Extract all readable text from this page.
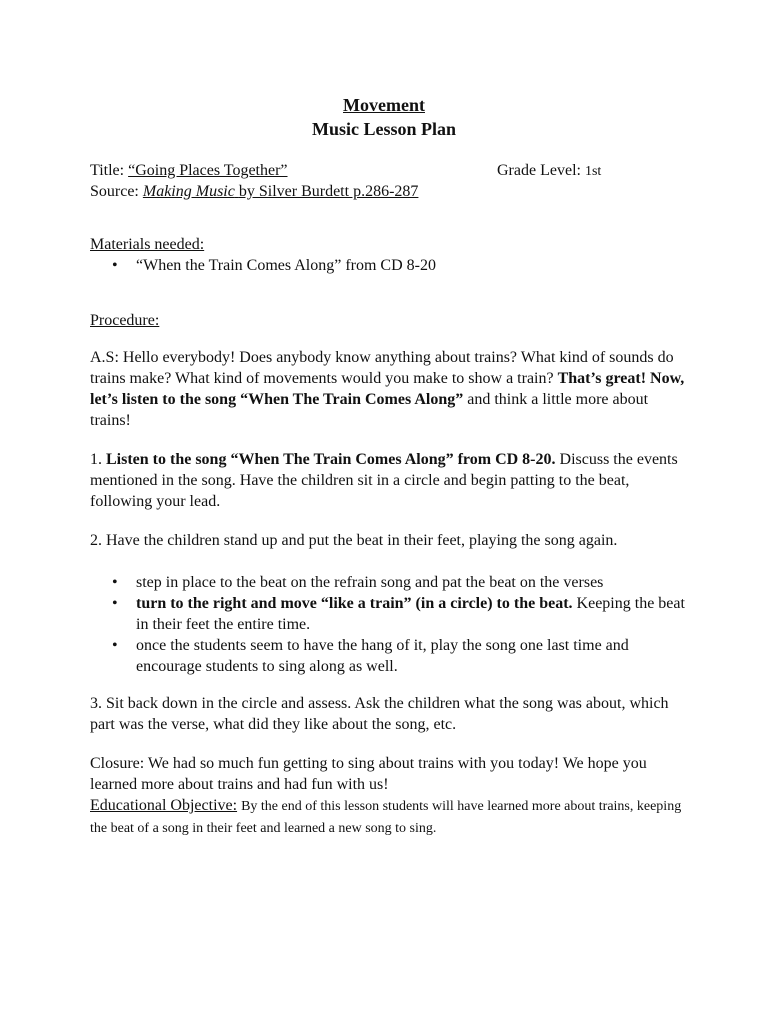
Movement
Music Lesson Plan
Title: “Going Places Together”	Grade Level: 1st
Source: Making Music by Silver Burdett p.286-287
Materials needed:
• “When the Train Comes Along” from CD 8-20
Procedure:
A.S: Hello everybody! Does anybody know anything about trains? What kind of sounds do trains make? What kind of movements would you make to show a train? That’s great! Now, let’s listen to the song “When The Train Comes Along” and think a little more about trains!
1. Listen to the song “When The Train Comes Along” from CD 8-20. Discuss the events mentioned in the song. Have the children sit in a circle and begin patting to the beat, following your lead.
2. Have the children stand up and put the beat in their feet, playing the song again.
• step in place to the beat on the refrain song and pat the beat on the verses
• turn to the right and move “like a train” (in a circle) to the beat. Keeping the beat in their feet the entire time.
• once the students seem to have the hang of it, play the song one last time and encourage students to sing along as well.
3. Sit back down in the circle and assess. Ask the children what the song was about, which part was the verse, what did they like about the song, etc.
Closure: We had so much fun getting to sing about trains with you today! We hope you learned more about trains and had fun with us!
Educational Objective: By the end of this lesson students will have learned more about trains, keeping the beat of a song in their feet and learned a new song to sing.
